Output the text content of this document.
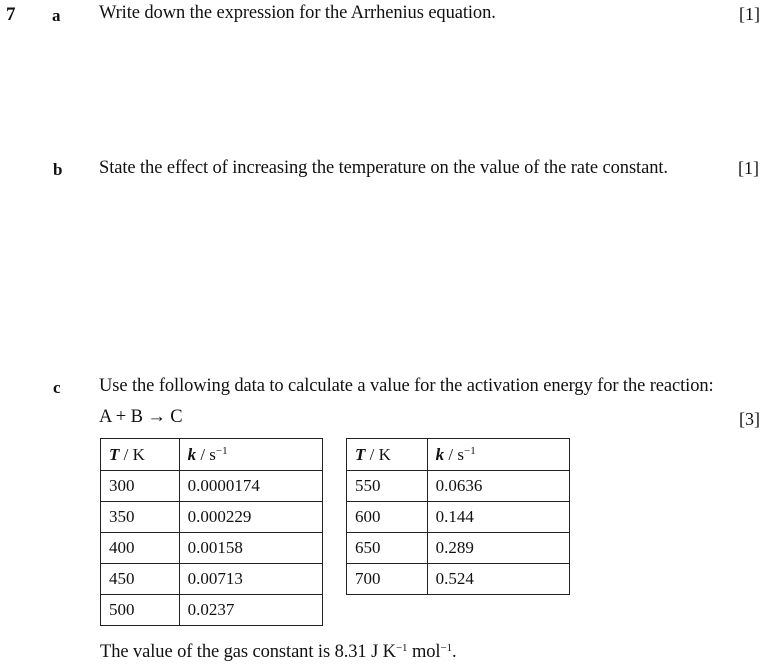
7 a Write down the expression for the Arrhenius equation.	[1]
b State the effect of increasing the temperature on the value of the rate constant.	[1]
c Use the following data to calculate a value for the activation energy for the reaction:
A + B → C	[3]
T / K	k / $s^{-1}$
300	0.0000174
350	0.000229
400	0.00158
450	0.00713
500	0.0237
T / K	k / $s^{-1}$
550	0.0636
600	0.144
650	0.289
700	0.524
The value of the gas constant is 8.31 J $K^{-1}$ mol$^{-1}$.
